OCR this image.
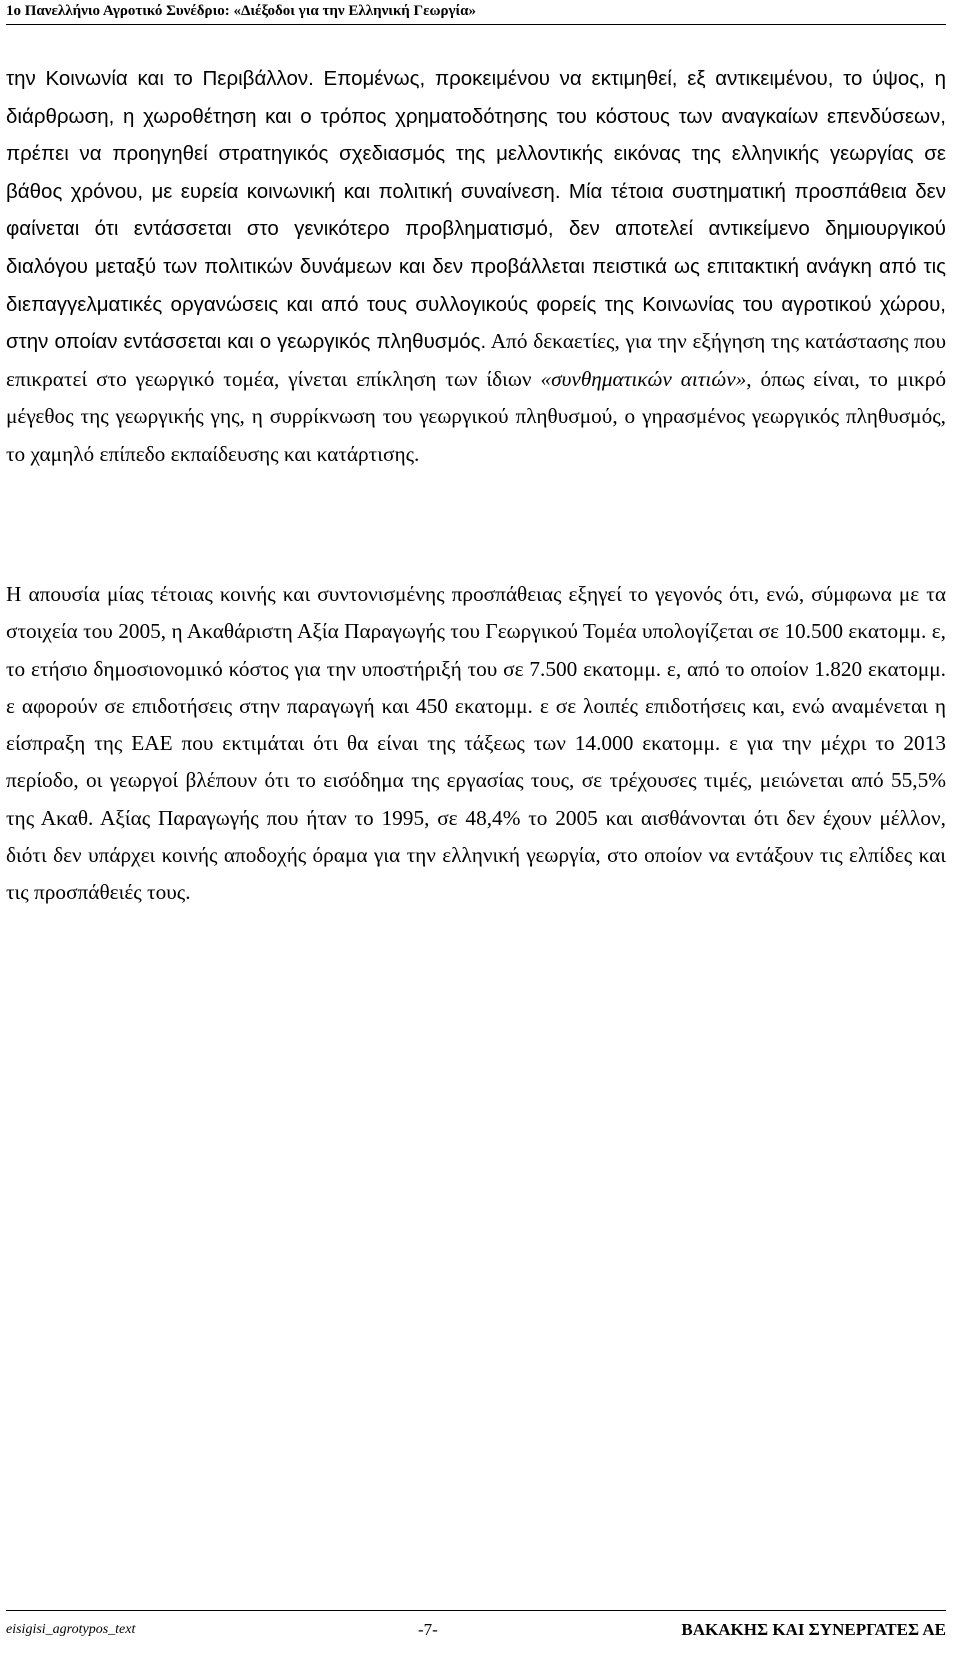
1ο Πανελλήνιο Αγροτικό Συνέδριο: «Διέξοδοι για την Ελληνική Γεωργία»

την Κοινωνία και το Περιβάλλον. Επομένως, προκειμένου να εκτιμηθεί, εξ αντικειμένου, το ύψος, η διάρθρωση, η χωροθέτηση και ο τρόπος χρηματοδότησης του κόστους των αναγκαίων επενδύσεων, πρέπει να προηγηθεί στρατηγικός σχεδιασμός της μελλοντικής εικόνας της ελληνικής γεωργίας σε βάθος χρόνου, με ευρεία κοινωνική και πολιτική συναίνεση. Μία τέτοια συστηματική προσπάθεια δεν φαίνεται ότι εντάσσεται στο γενικότερο προβληματισμό, δεν αποτελεί αντικείμενο δημιουργικού διαλόγου μεταξύ των πολιτικών δυνάμεων και δεν προβάλλεται πειστικά ως επιτακτική ανάγκη από τις διεπαγγελματικές οργανώσεις και από τους συλλογικούς φορείς της Κοινωνίας του αγροτικού χώρου, στην οποίαν εντάσσεται και ο γεωργικός πληθυσμός. Από δεκαετίες, για την εξήγηση της κατάστασης που επικρατεί στο γεωργικό τομέα, γίνεται επίκληση των ίδιων «συνθηματικών αιτιών», όπως είναι, το μικρό μέγεθος της γεωργικής γης, η συρρίκνωση του γεωργικού πληθυσμού, ο γηρασμένος γεωργικός πληθυσμός, το χαμηλό επίπεδο εκπαίδευσης και κατάρτισης.

Η απουσία μίας τέτοιας κοινής και συντονισμένης προσπάθειας εξηγεί το γεγονός ότι, ενώ, σύμφωνα με τα στοιχεία του 2005, η Ακαθάριστη Αξία Παραγωγής του Γεωργικού Τομέα υπολογίζεται σε 10.500 εκατομμ. ε, το ετήσιο δημοσιονομικό κόστος για την υποστήριξή του σε 7.500 εκατομμ. ε, από το οποίον 1.820 εκατομμ. ε αφορούν σε επιδοτήσεις στην παραγωγή και 450 εκατομμ. ε σε λοιπές επιδοτήσεις και, ενώ αναμένεται η είσπραξη της ΕΑΕ που εκτιμάται ότι θα είναι της τάξεως των 14.000 εκατομμ. ε για την μέχρι το 2013 περίοδο, οι γεωργοί βλέπουν ότι το εισόδημα της εργασίας τους, σε τρέχουσες τιμές, μειώνεται από 55,5% της Ακαθ. Αξίας Παραγωγής που ήταν το 1995, σε 48,4% το 2005 και αισθάνονται ότι δεν έχουν μέλλον, διότι δεν υπάρχει κοινής αποδοχής όραμα για την ελληνική γεωργία, στο οποίον να εντάξουν τις ελπίδες και τις προσπάθειές τους.

eisigisi_agrotypos_text	-7-	ΒΑΚΑΚΗΣ ΚΑΙ ΣΥΝΕΡΓΑΤΕΣ ΑΕ
